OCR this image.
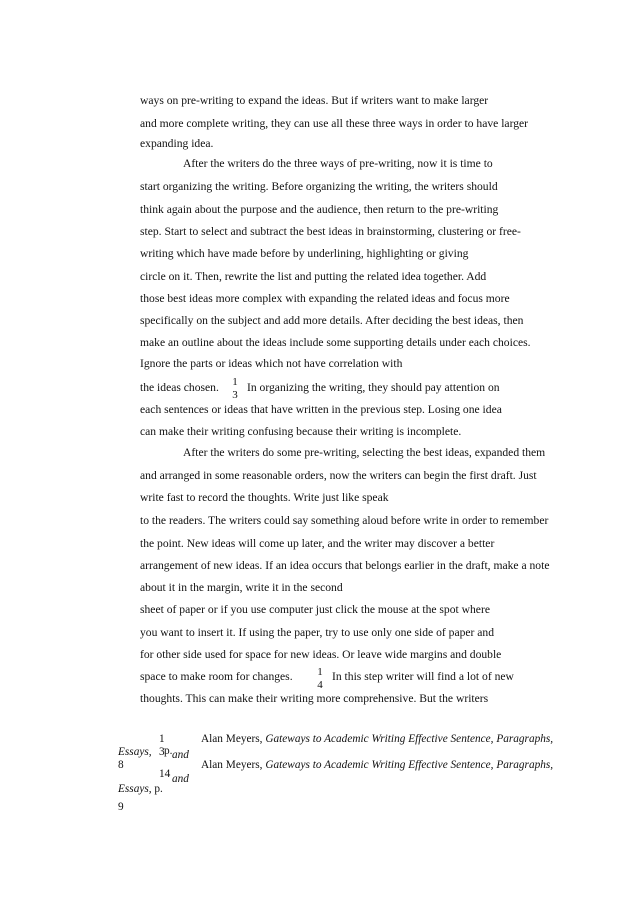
ways on pre-writing to expand the ideas. But if writers want to make larger
and more complete writing, they can use all these three ways in order to have larger
expanding idea.
After the writers do the three ways of pre-writing, now it is time to
start organizing the writing. Before organizing the writing, the writers should
think again about the purpose and the audience, then return to the pre-writing
step. Start to select and subtract the best ideas in brainstorming, clustering or free-
writing which have made before by underlining, highlighting or giving
circle on it. Then, rewrite the list and putting the related idea together. Add
those best ideas more complex with expanding the related ideas and focus more
specifically on the subject and add more details. After deciding the best ideas, then
make an outline about the ideas include some supporting details under each choices.
Ignore the parts or ideas which not have correlation with
the ideas chosen. 1
3
In organizing the writing, they should pay attention on
each sentences or ideas that have written in the previous step. Losing one idea
can make their writing confusing because their writing is incomplete.
After the writers do some pre-writing, selecting the best ideas, expanded them
and arranged in some reasonable orders, now the writers can begin the first draft. Just
write fast to record the thoughts. Write just like speak
to the readers. The writers could say something aloud before write in order to remember
the point. New ideas will come up later, and the writer may discover a better
arrangement of new ideas. If an idea occurs that belongs earlier in the draft, make a note
about it in the margin, write it in the second
sheet of paper or if you use computer just click the mouse at the spot where
you want to insert it. If using the paper, try to use only one side of paper and
for other side used for space for new ideas. Or leave wide margins and double
space to make room for changes. 1
4
In this step writer will find a lot of new
thoughts. This can make their writing more comprehensive. But the writers
1	Alan Meyers, Gateways to Academic Writing Effective Sentence, Paragraphs,
Essays, 3 p. and
8	Alan Meyers, Gateways to Academic Writing Effective Sentence, Paragraphs,
14 and
Essays, p.
9
